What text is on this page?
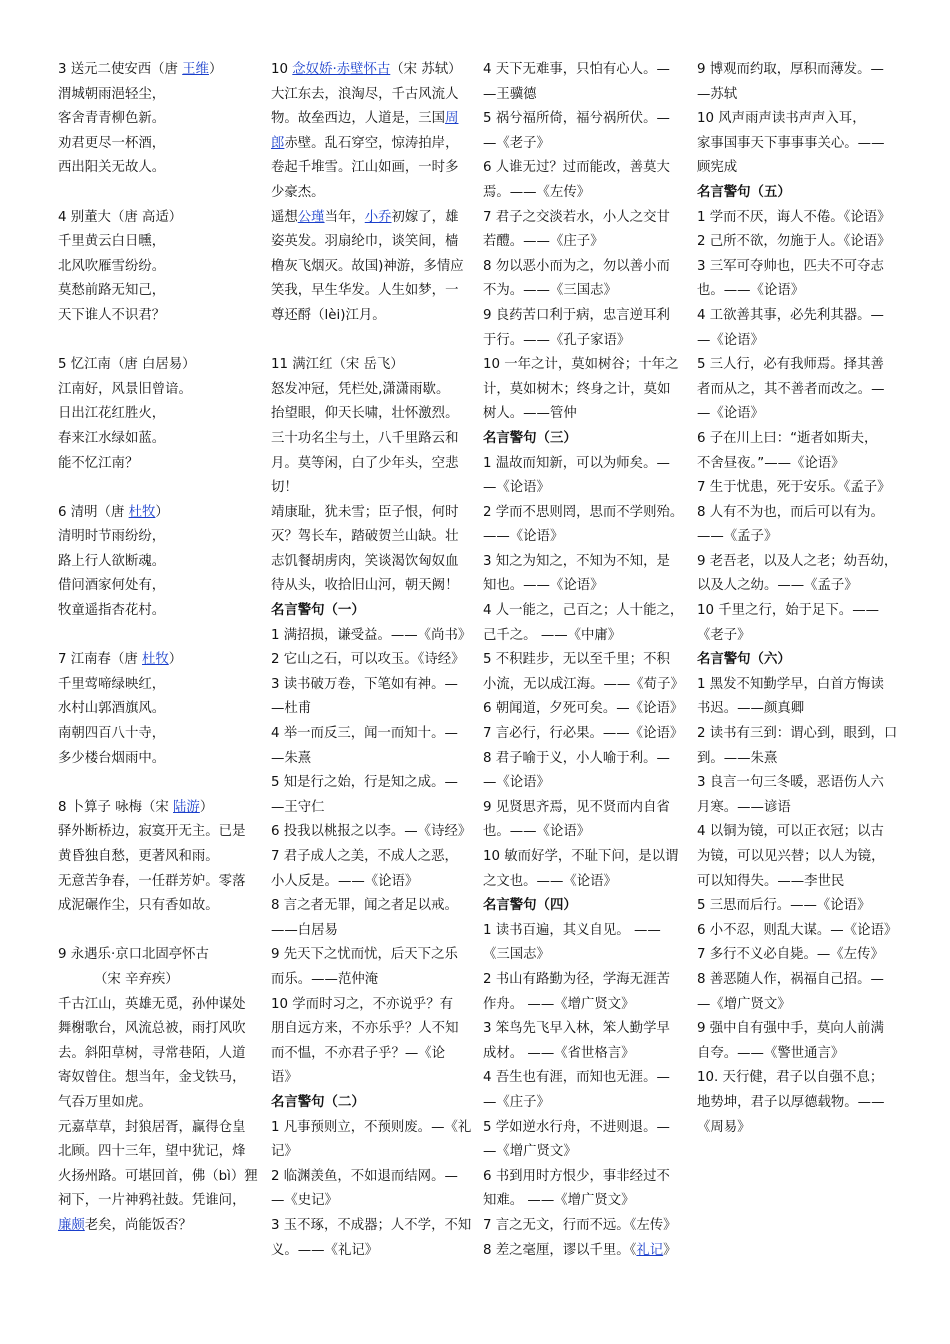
3 送元二使安西（唐 王维）
渭城朝雨浥轻尘，
客舍青青柳色新。
劝君更尽一杯酒，
西出阳关无故人。
4 别董大（唐 高适）
千里黄云白日曛，
北风吹雁雪纷纷。
莫愁前路无知己，
天下谁人不识君？
5 忆江南（唐 白居易）
江南好，风景旧曾谙。
日出江花红胜火，
春来江水绿如蓝。
能不忆江南？
6 清明（唐 杜牧）
清明时节雨纷纷，
路上行人欲断魂。
借问酒家何处有，
牧童遥指杏花村。
7 江南春（唐 杜牧）
千里莺啼绿映红，
水村山郭酒旗风。
南朝四百八十寺，
多少楼台烟雨中。
8 卜算子 咏梅（宋 陆游）
驿外断桥边，寂寞开无主。已是
黄昏独自愁，更著风和雨。
无意苦争春，一任群芳妒。零落
成泥碾作尘，只有香如故。
9 永遇乐·京口北固亭怀古
（宋 辛弃疾）
千古江山，英雄无觅，孙仲谋处
舞榭歌台，风流总被，雨打风吹
去。斜阳草树，寻常巷陌，人道
寄奴曾住。想当年，金戈铁马，
气吞万里如虎。
元嘉草草，封狼居胥，赢得仓皇
北顾。四十三年，望中犹记，烽
火扬州路。可堪回首，佛（bì）狸
祠下，一片神鸦社鼓。凭谁问，
廉颇老矣，尚能饭否？
10 念奴娇·赤壁怀古（宋 苏轼）
大江东去，浪淘尽，千古风流人
物。故垒西边，人道是，三国周
郎赤壁。乱石穿空，惊涛拍岸，
卷起千堆雪。江山如画，一时多
少豪杰。
遥想公瑾当年，小乔初嫁了，雄
姿英发。羽扇纶巾，谈笑间，樯
橹灰飞烟灭。故国)神游，多情应
笑我，早生华发。人生如梦，一
尊还酹（lèi)江月。
11 满江红（宋 岳飞）
怒发冲冠，凭栏处,潇潇雨歇。
抬望眼，仰天长啸，壮怀激烈。
三十功名尘与土，八千里路云和
月。莫等闲，白了少年头，空悲
切！
靖康耻，犹未雪；臣子恨，何时
灭？驾长车，踏破贺兰山缺。壮
志饥餐胡虏肉，笑谈渴饮匈奴血
待从头，收拾旧山河，朝天阙！
名言警句（一）
1 满招损，谦受益。——《尚书》
2 它山之石，可以攻玉。《诗经》
3 读书破万卷，下笔如有神。—
—杜甫
4 举一而反三，闻一而知十。—
—朱熹
5 知是行之始，行是知之成。—
—王守仁
6 投我以桃报之以李。—《诗经》
7 君子成人之美，不成人之恶，
小人反是。——《论语》
8 言之者无罪，闻之者足以戒。
——白居易
9 先天下之忧而忧，后天下之乐
而乐。——范仲淹
10 学而时习之，不亦说乎？有
朋自远方来，不亦乐乎？人不知
而不愠，不亦君子乎？—《论
语》
名言警句（二）
1 凡事预则立，不预则废。—《礼
记》
2 临渊羡鱼，不如退而结网。—
—《史记》
3 玉不琢，不成器；人不学，不知
义。——《礼记》
4 天下无难事，只怕有心人。—
—王骥德
5 祸兮福所倚，福兮祸所伏。—
—《老子》
6 人谁无过？过而能改，善莫大
焉。——《左传》
7 君子之交淡若水，小人之交甘
若醴。——《庄子》
8 勿以恶小而为之，勿以善小而
不为。——《三国志》
9 良药苦口利于病，忠言逆耳利
于行。——《孔子家语》
10 一年之计，莫如树谷；十年之
计，莫如树木；终身之计，莫如
树人。——管仲
名言警句（三）
1 温故而知新，可以为师矣。—
—《论语》
2 学而不思则罔，思而不学则殆。
——《论语》
3 知之为知之，不知为不知，是
知也。——《论语》
4 人一能之，己百之；人十能之，
己千之。 ——《中庸》
5 不积跬步，无以至千里；不积
小流，无以成江海。——《荀子》
6 朝闻道，夕死可矣。—《论语》
7 言必行，行必果。——《论语》
8 君子喻于义，小人喻于利。—
—《论语》
9 见贤思齐焉，见不贤而内自省
也。——《论语》
10 敏而好学，不耻下问，是以谓
之文也。——《论语》
名言警句（四）
1 读书百遍，其义自见。 ——
《三国志》
2 书山有路勤为径，学海无涯苦
作舟。 ——《增广贤文》
3 笨鸟先飞早入林，笨人勤学早
成材。 ——《省世格言》
4 吾生也有涯，而知也无涯。—
—《庄子》
5 学如逆水行舟，不进则退。—
—《增广贤文》
6 书到用时方恨少，事非经过不
知难。 ——《增广贤文》
7 言之无文，行而不远。《左传》
8 差之毫厘，谬以千里。《礼记》
9 博观而约取，厚积而薄发。—
—苏轼
10 风声雨声读书声声入耳，
家事国事天下事事事关心。——
顾宪成
名言警句（五）
1 学而不厌，诲人不倦。《论语》
2 己所不欲，勿施于人。《论语》
3 三军可夺帅也，匹夫不可夺志
也。——《论语》
4 工欲善其事，必先利其器。—
—《论语》
5 三人行，必有我师焉。择其善
者而从之，其不善者而改之。—
—《论语》
6 子在川上曰：“逝者如斯夫，
不舍昼夜。”——《论语》
7 生于忧患，死于安乐。《孟子》
8 人有不为也，而后可以有为。
——《孟子》
9 老吾老，以及人之老；幼吾幼，
以及人之幼。——《孟子》
10 千里之行，始于足下。——
《老子》
名言警句（六）
1 黑发不知勤学早，白首方悔读
书迟。——颜真卿
2 读书有三到：谓心到，眼到，口
到。——朱熹
3 良言一句三冬暖，恶语伤人六
月寒。——谚语
4 以铜为镜，可以正衣冠；以古
为镜，可以见兴替；以人为镜，
可以知得失。——李世民
5 三思而后行。——《论语》
6 小不忍，则乱大谋。—《论语》
7 多行不义必自毙。—《左传》
8 善恶随人作，祸福自己招。—
—《增广贤文》
9 强中自有强中手，莫向人前满
自夸。——《警世通言》
10. 天行健，君子以自强不息；
地势坤，君子以厚德载物。——
《周易》
